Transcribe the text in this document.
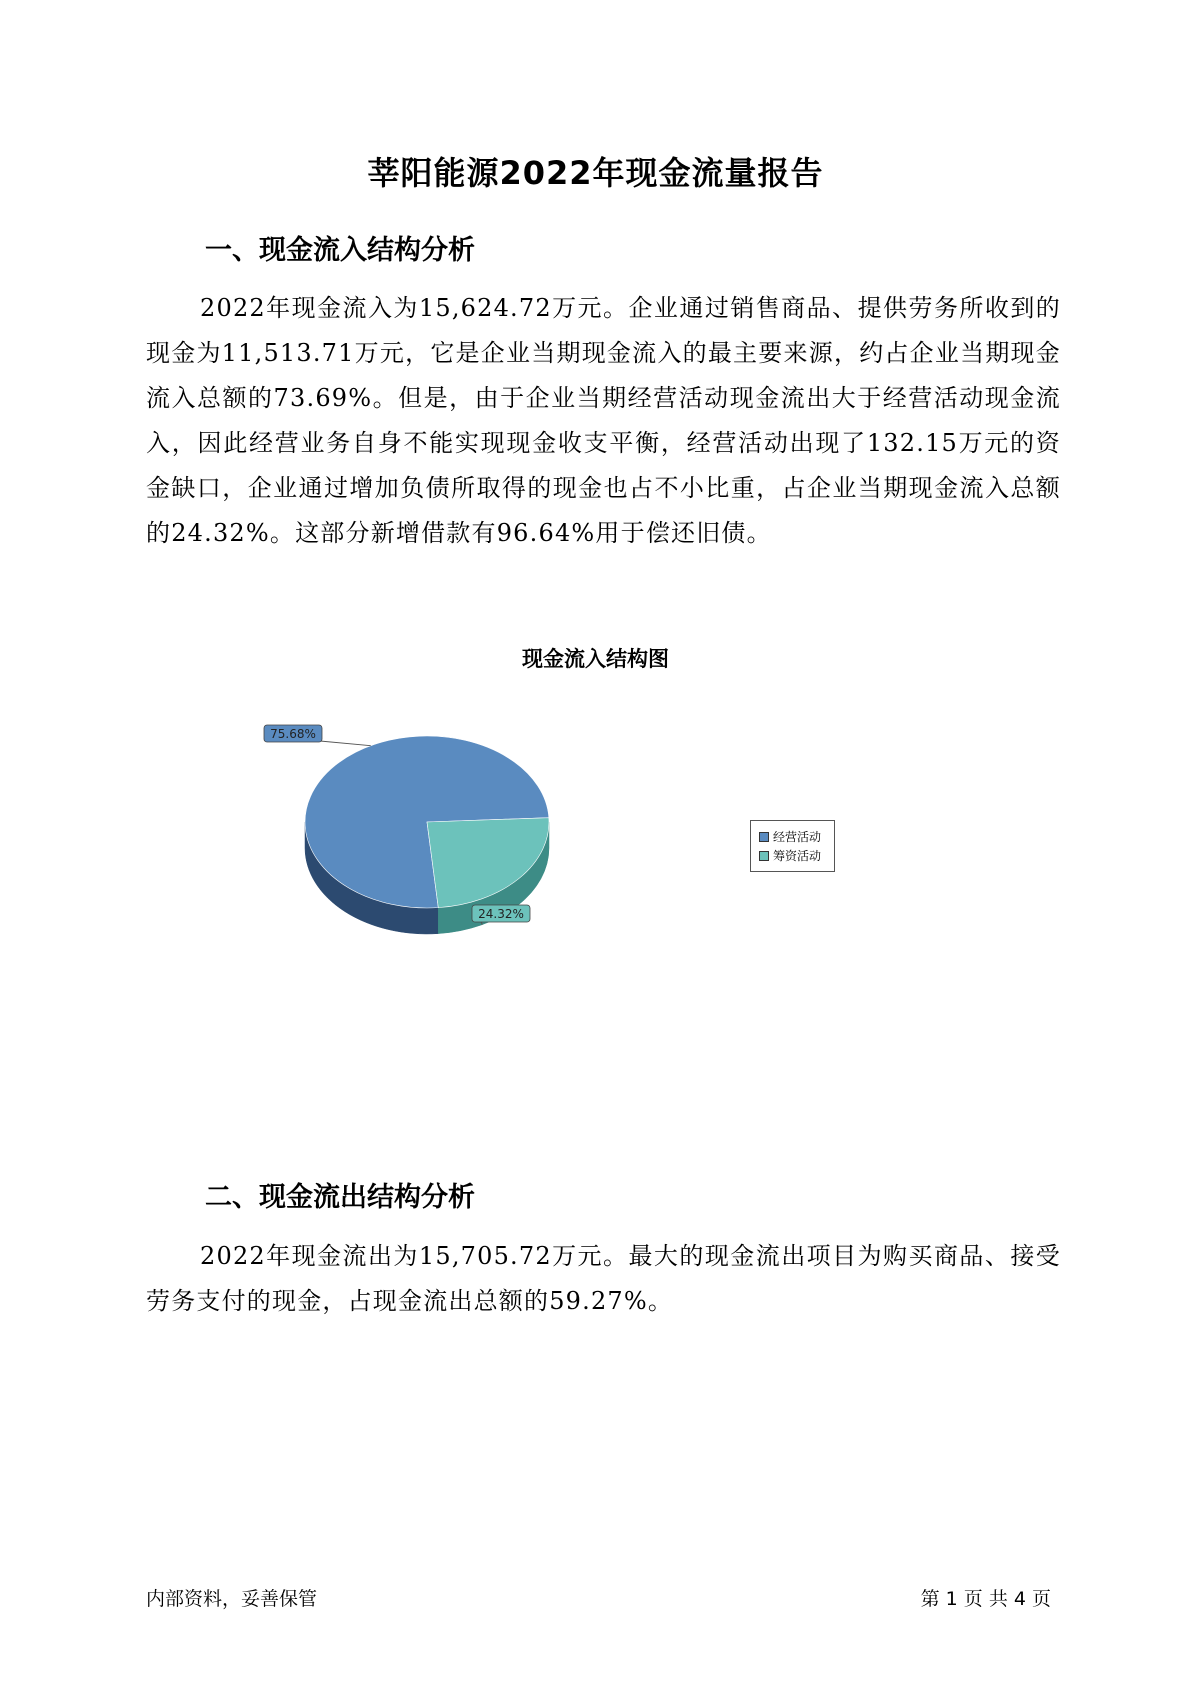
莘阳能源2022年现金流量报告
一、现金流入结构分析
2022年现金流入为15,624.72万元。企业通过销售商品、提供劳务所收到的现金为11,513.71万元，它是企业当期现金流入的最主要来源，约占企业当期现金流入总额的73.69%。但是，由于企业当期经营活动现金流出大于经营活动现金流入，因此经营业务自身不能实现现金收支平衡，经营活动出现了132.15万元的资金缺口，企业通过增加负债所取得的现金也占不小比重，占企业当期现金流入总额的24.32%。这部分新增借款有96.64%用于偿还旧债。
现金流入结构图
75.68%
24.32%
经营活动
筹资活动
二、现金流出结构分析
2022年现金流出为15,705.72万元。最大的现金流出项目为购买商品、接受劳务支付的现金，占现金流出总额的59.27%。
内部资料，妥善保管	第 1 页 共 4 页
